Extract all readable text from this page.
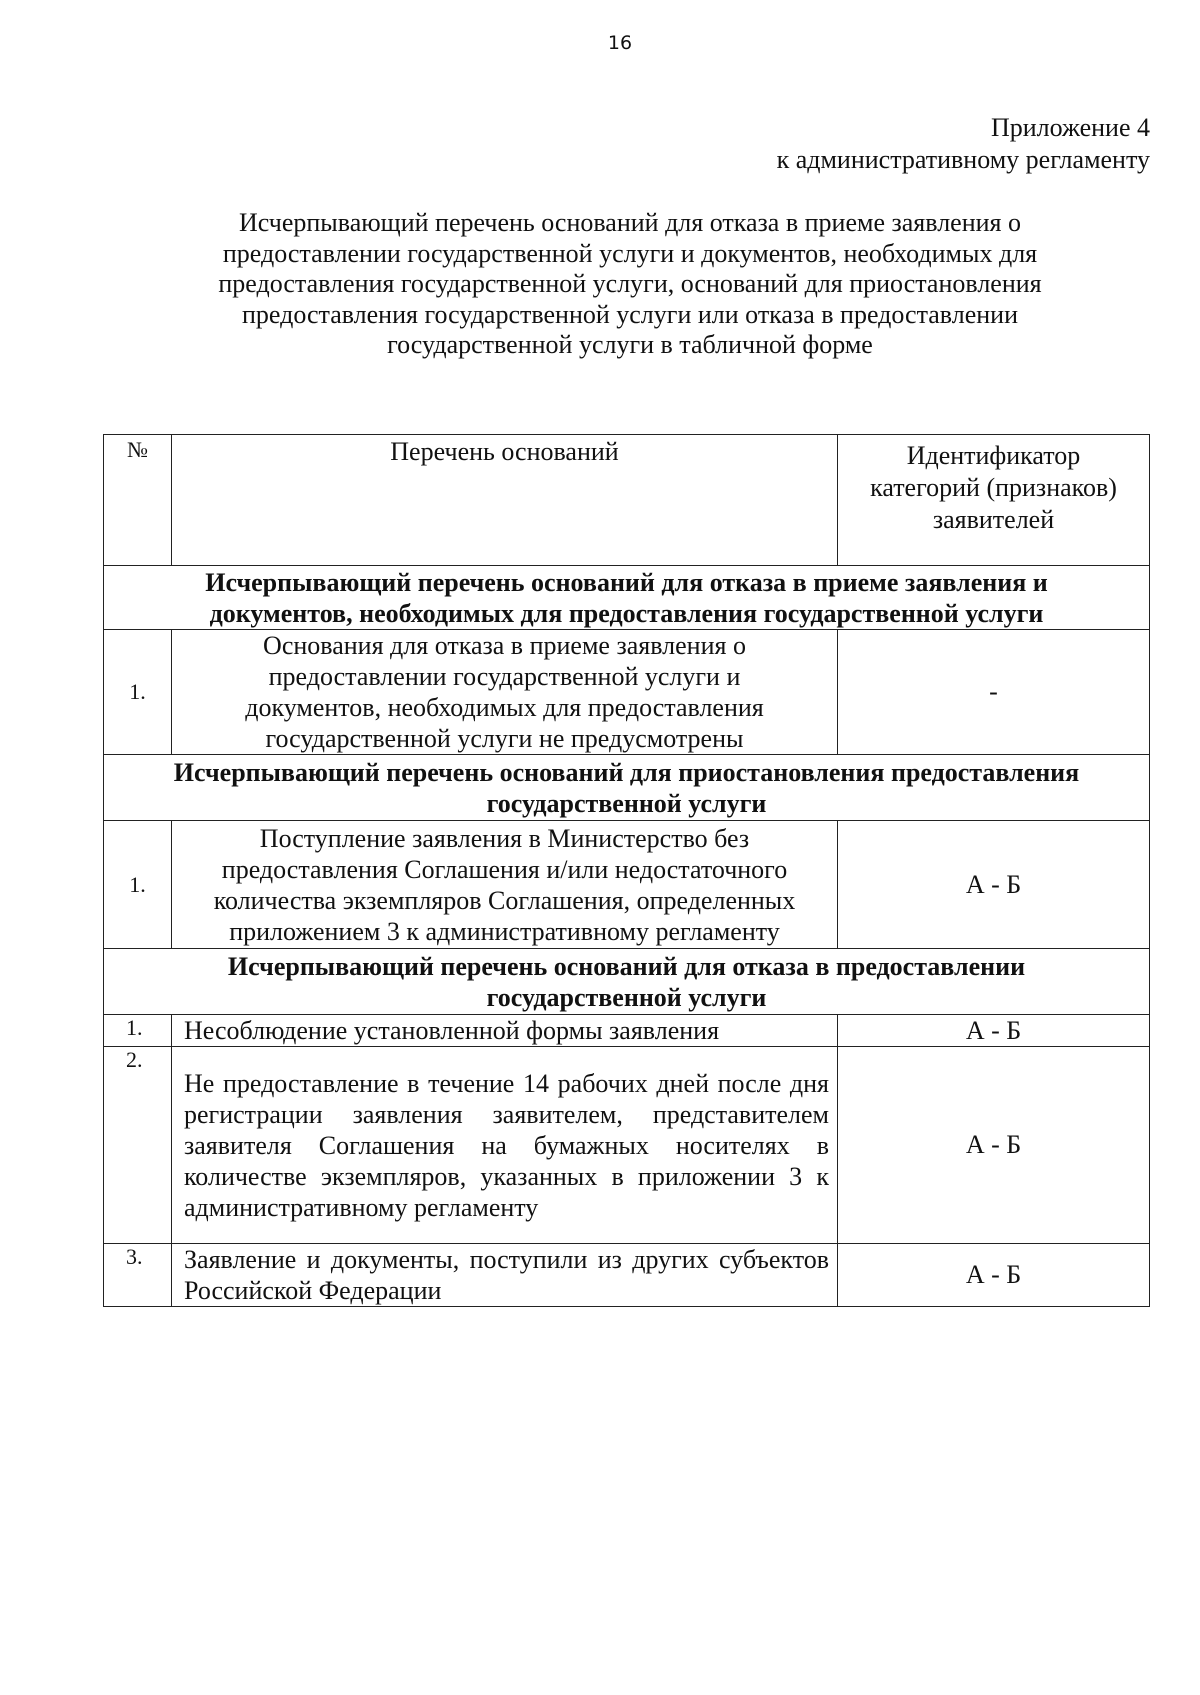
16
Приложение 4
к административному регламенту
Исчерпывающий перечень оснований для отказа в приеме заявления о
предоставлении государственной услуги и документов, необходимых для
предоставления государственной услуги, оснований для приостановления
предоставления государственной услуги или отказа в предоставлении
государственной услуги в табличной форме
№	Перечень оснований	Идентификатор
категорий (признаков)
заявителей

Исчерпывающий перечень оснований для отказа в приеме заявления и
документов, необходимых для предоставления государственной услуги		

1.	Основания для отказа в приеме заявления о
предоставлении государственной услуги и
документов, необходимых для предоставления
государственной услуги не предусмотрены	-

Исчерпывающий перечень оснований для приостановления предоставления
государственной услуги		

1.	Поступление заявления в Министерство без
предоставления Соглашения и/или недостаточного
количества экземпляров Соглашения, определенных
приложением 3 к административному регламенту	А - Б

Исчерпывающий перечень оснований для отказа в предоставлении
государственной услуги		

1.	Несоблюдение установленной формы заявления	А - Б
2.	Не предоставление в течение 14 рабочих дней после дня регистрации заявления заявителем, представителем заявителя Соглашения на бумажных носителях в количестве экземпляров, указанных в приложении 3 к административному регламенту	А - Б
3.	Заявление и документы, поступили из других субъектов Российской Федерации	А - Б
